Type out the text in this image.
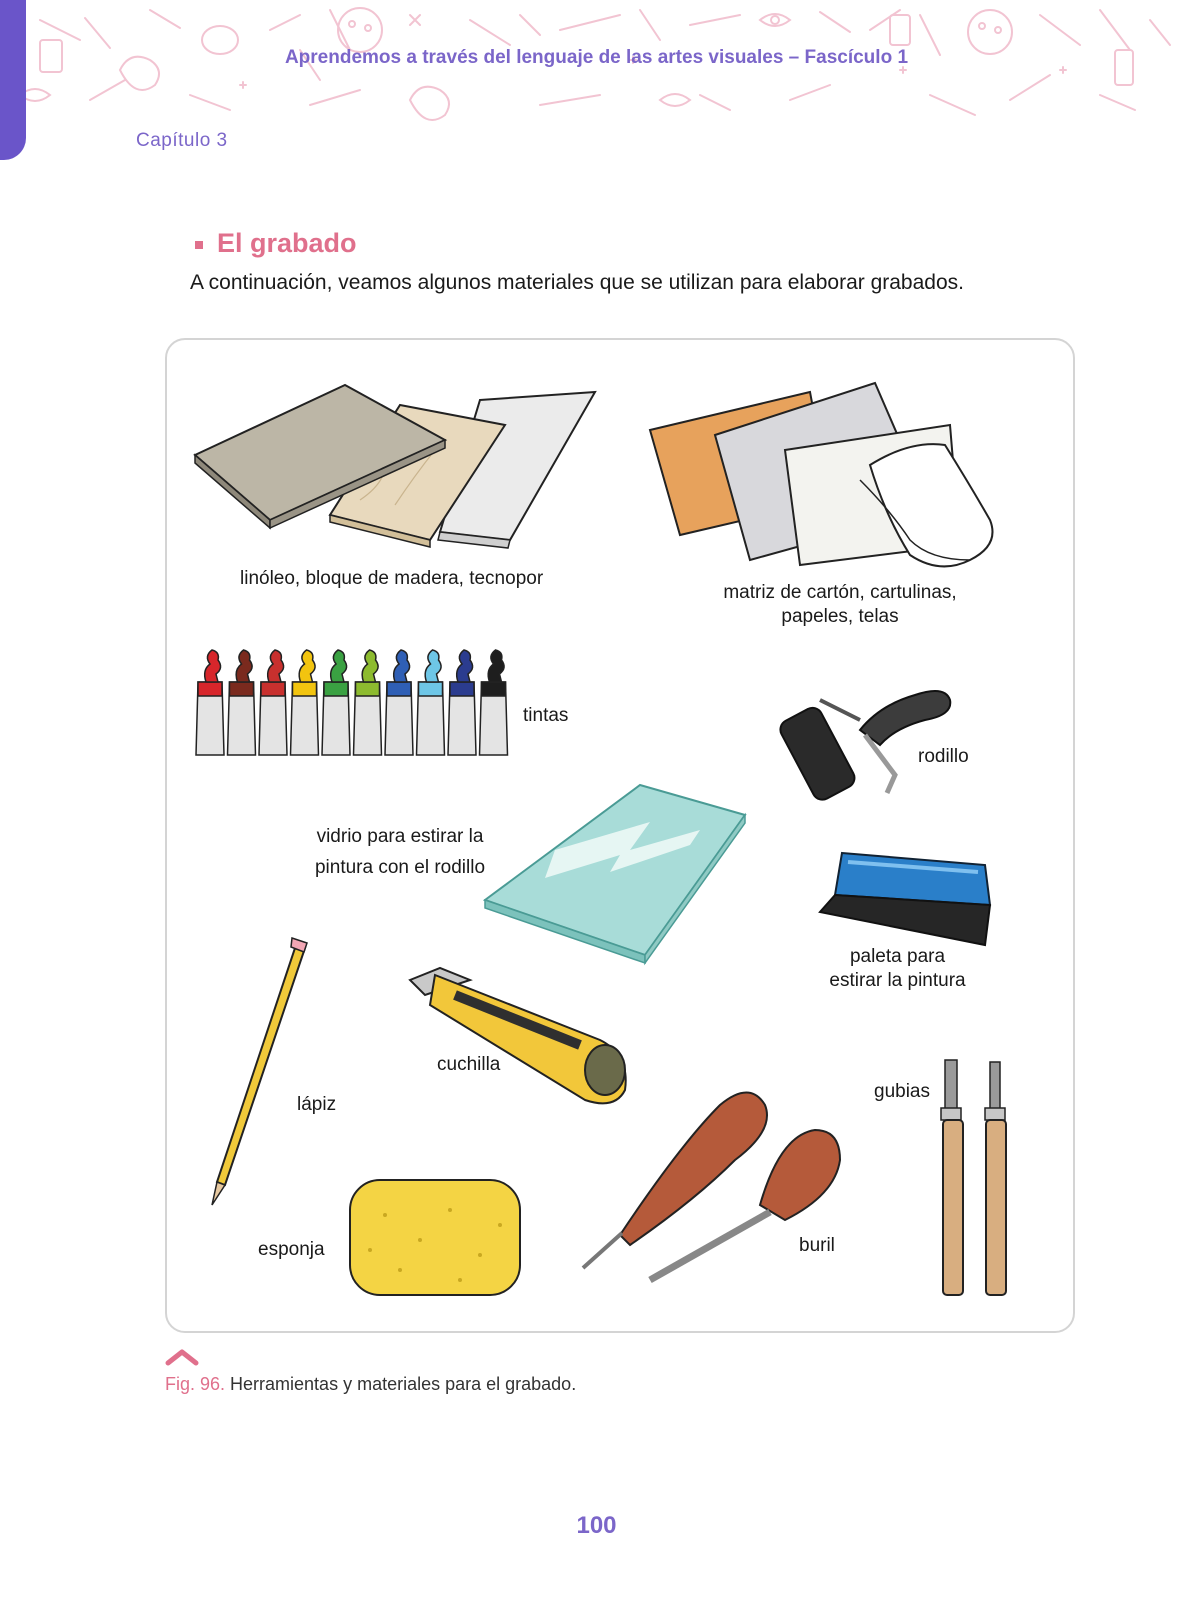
Aprendemos a través del lenguaje de las artes visuales – Fascículo 1
Capítulo 3
El grabado
A continuación, veamos algunos materiales que se utilizan para elaborar grabados.
linóleo, bloque de madera, tecnopor
matriz de cartón, cartulinas,
papeles, telas
tintas
rodillo
vidrio para estirar la
pintura con el rodillo
paleta para
estirar la pintura
cuchilla
lápiz
gubias
esponja	buril
Fig. 96. Herramientas y materiales para el grabado.
100
